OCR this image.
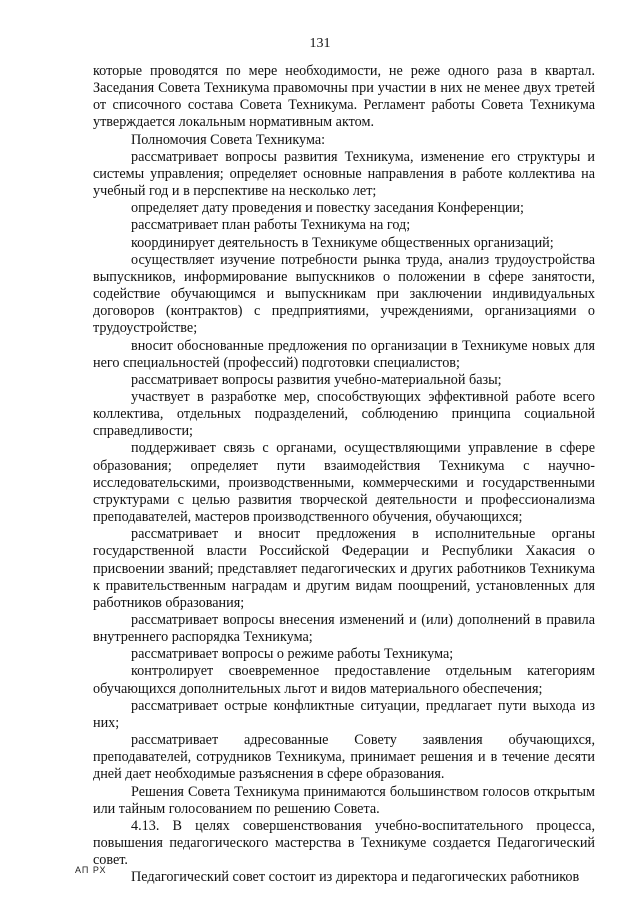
131

которые проводятся по мере необходимости, не реже одного раза в квартал. Заседания Совета Техникума правомочны при участии в них не менее двух третей от списочного состава Совета Техникума. Регламент работы Совета Техникума утверждается локальным нормативным актом.

Полномочия Совета Техникума:

рассматривает вопросы развития Техникума, изменение его структуры и системы управления; определяет основные направления в работе коллектива на учебный год и в перспективе на несколько лет;

определяет дату проведения и повестку заседания Конференции;

рассматривает план работы Техникума на год;

координирует деятельность в Техникуме общественных организаций;

осуществляет изучение потребности рынка труда, анализ трудоустройства выпускников, информирование выпускников о положении в сфере занятости, содействие обучающимся и выпускникам при заключении индивидуальных договоров (контрактов) с предприятиями, учреждениями, организациями о трудоустройстве;

вносит обоснованные предложения по организации в Техникуме новых для него специальностей (профессий) подготовки специалистов;

рассматривает вопросы развития учебно-материальной базы;

участвует в разработке мер, способствующих эффективной работе всего коллектива, отдельных подразделений, соблюдению принципа социальной справедливости;

поддерживает связь с органами, осуществляющими управление в сфере образования; определяет пути взаимодействия Техникума с научно-исследовательскими, производственными, коммерческими и государственными структурами с целью развития творческой деятельности и профессионализма преподавателей, мастеров производственного обучения, обучающихся;

рассматривает и вносит предложения в исполнительные органы государственной власти Российской Федерации и Республики Хакасия о присвоении званий; представляет педагогических и других работников Техникума к правительственным наградам и другим видам поощрений, установленных для работников образования;

рассматривает вопросы внесения изменений и (или) дополнений в правила внутреннего распорядка Техникума;

рассматривает вопросы о режиме работы Техникума;

контролирует своевременное предоставление отдельным категориям обучающихся дополнительных льгот и видов материального обеспечения;

рассматривает острые конфликтные ситуации, предлагает пути выхода из них;

рассматривает адресованные Совету заявления обучающихся, преподавателей, сотрудников Техникума, принимает решения и в течение десяти дней дает необходимые разъяснения в сфере образования.

Решения Совета Техникума принимаются большинством голосов открытым или тайным голосованием по решению Совета.

4.13. В целях совершенствования учебно-воспитательного процесса, повышения педагогического мастерства в Техникуме создается Педагогический совет.

Педагогический совет состоит из директора и педагогических работников

АП РХ
